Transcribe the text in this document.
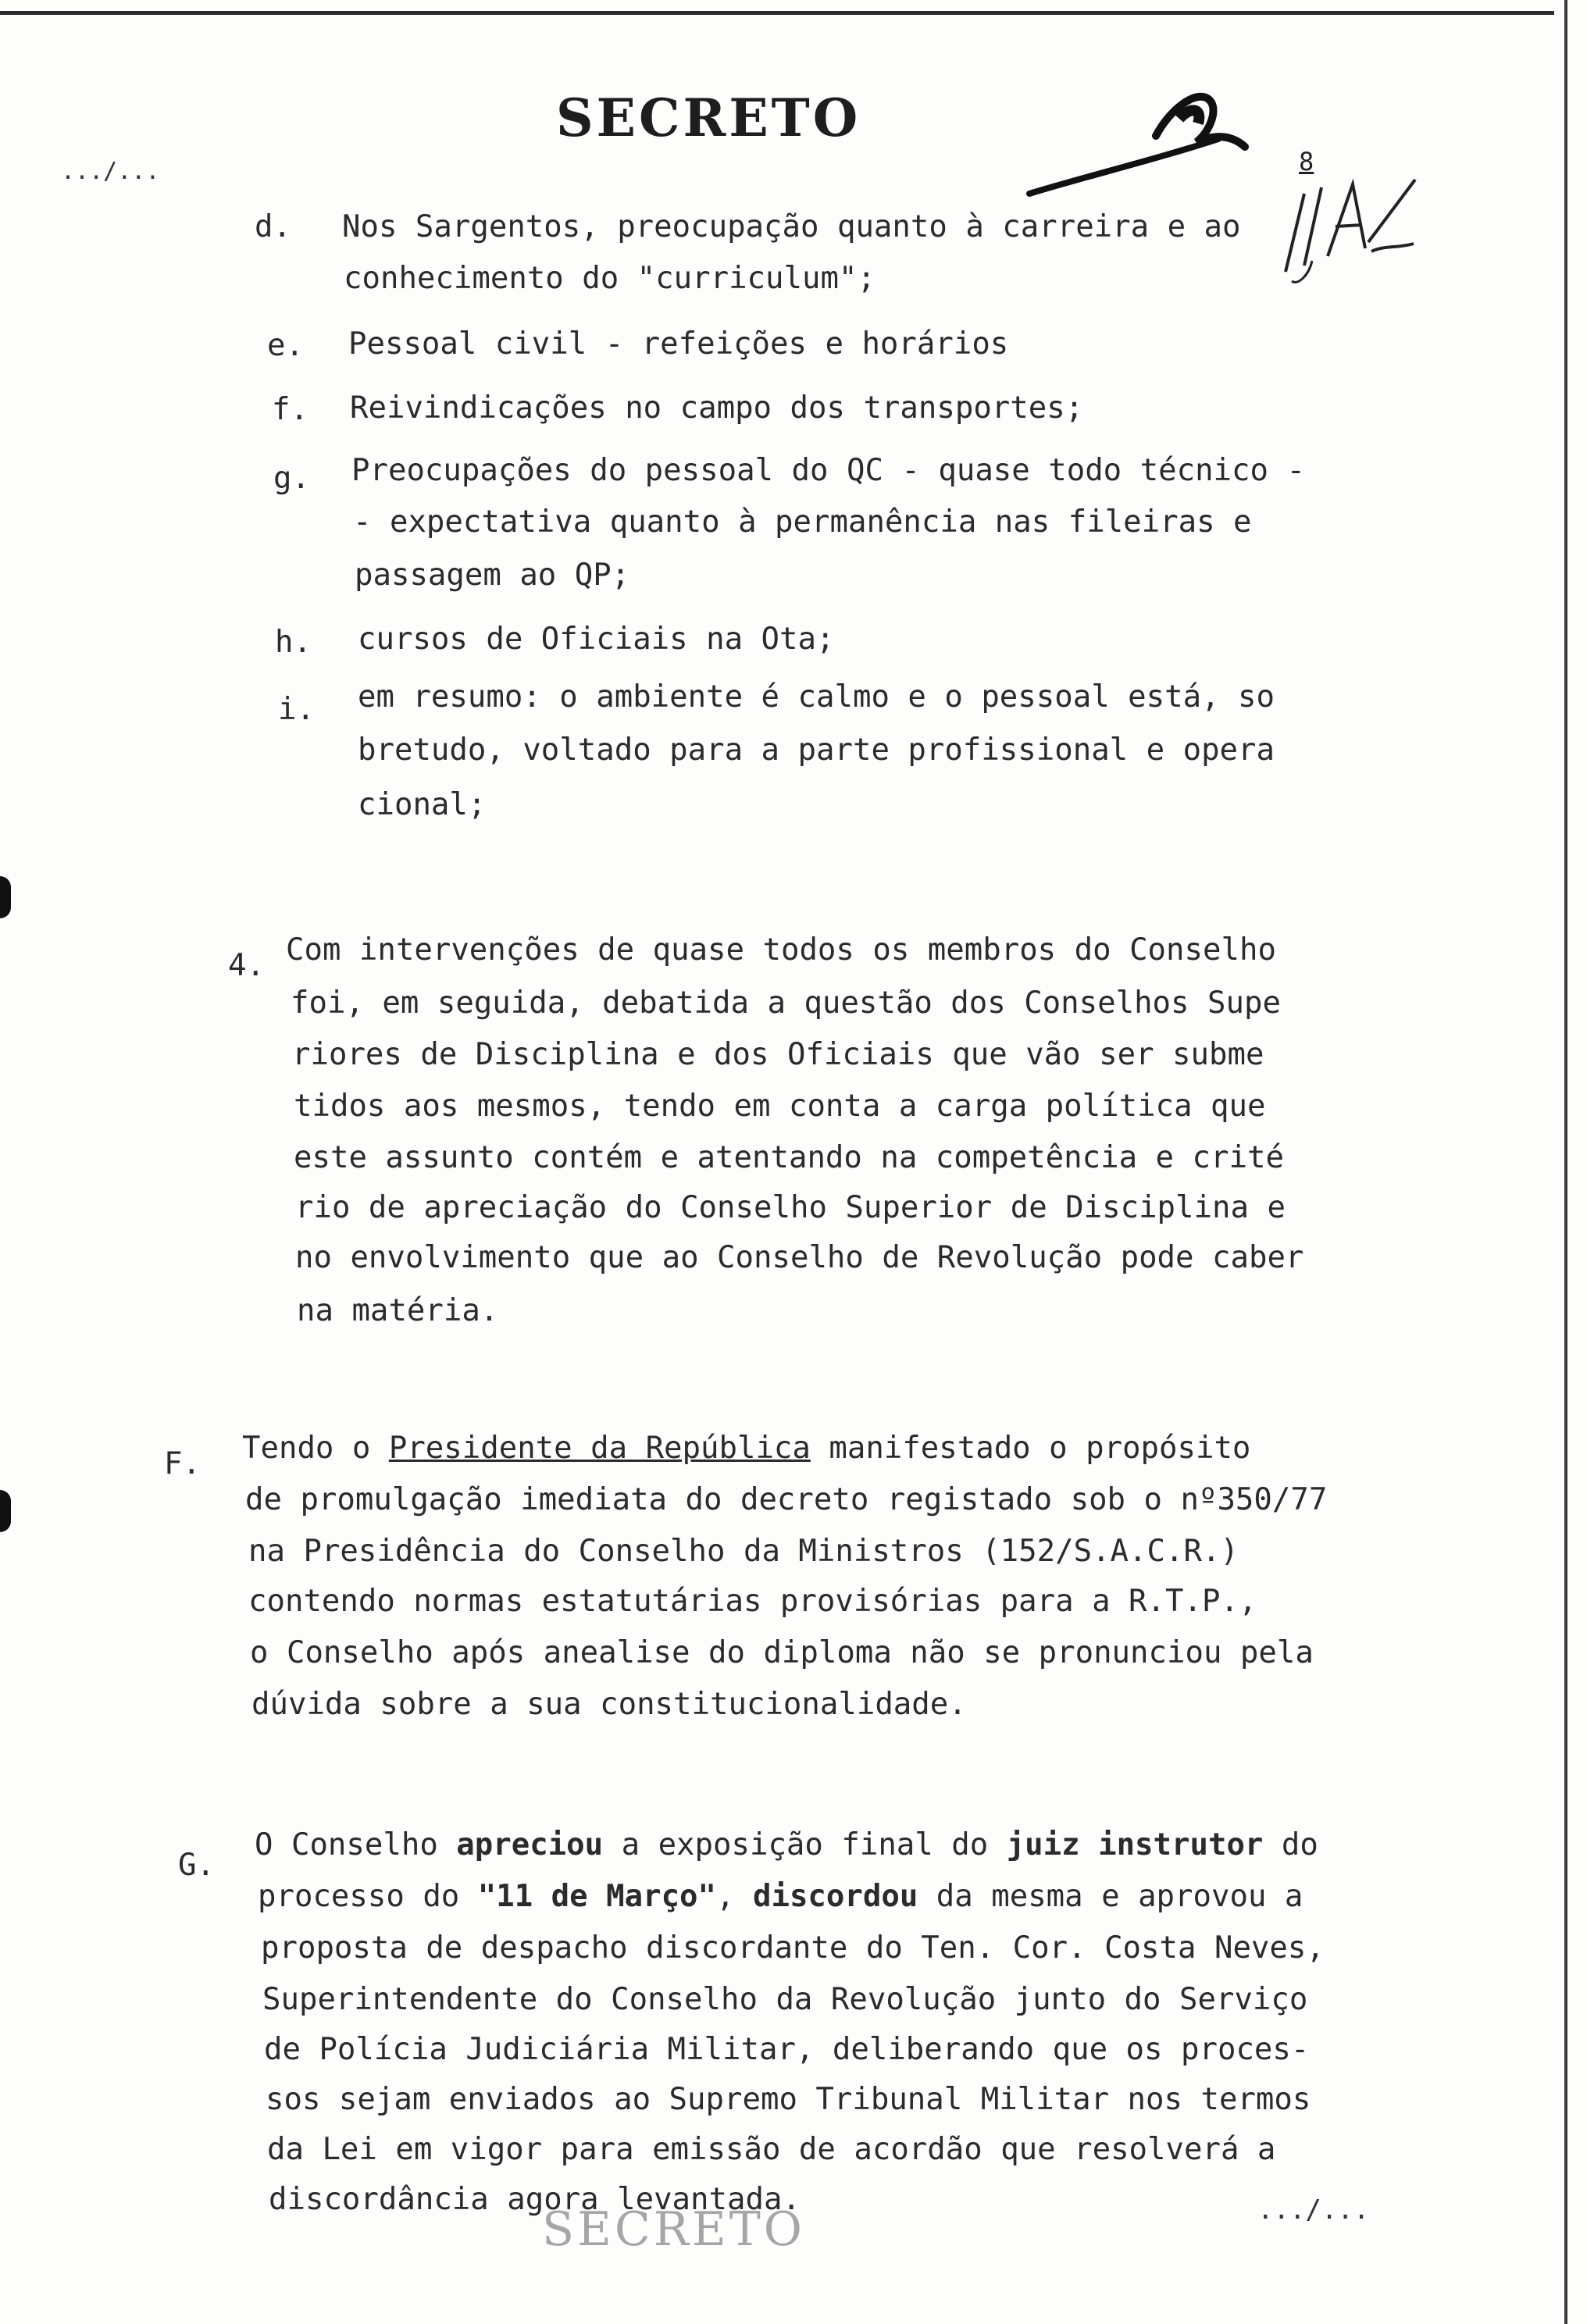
SECRETO
.../...	8
d. Nos Sargentos, preocupação quanto à carreira e ao
conhecimento do "curriculum";
e. Pessoal civil - refeições e horários
f. Reivindicações no campo dos transportes;
g. Preocupações do pessoal do QC - quase todo técnico -
- expectativa quanto à permanência nas fileiras e
passagem ao QP;
h. cursos de Oficiais na Ota;
i. em resumo: o ambiente é calmo e o pessoal está, so
bretudo, voltado para a parte profissional e opera
cional;
4. Com intervenções de quase todos os membros do Conselho
foi, em seguida, debatida a questão dos Conselhos Supe
riores de Disciplina e dos Oficiais que vão ser subme
tidos aos mesmos, tendo em conta a carga política que
este assunto contém e atentando na competência e crité
rio de apreciação do Conselho Superior de Disciplina e
no envolvimento que ao Conselho de Revolução pode caber
na matéria.
F. Tendo o Presidente da República manifestado o propósito
de promulgação imediata do decreto registado sob o nº350/77
na Presidência do Conselho da Ministros (152/S.A.C.R.)
contendo normas estatutárias provisórias para a R.T.P.,
o Conselho após anealise do diploma não se pronunciou pela
dúvida sobre a sua constitucionalidade.
G.
O Conselho apreciou a exposição final do juiz instrutor do
processo do "11 de Março", discordou da mesma e aprovou a
proposta de despacho discordante do Ten. Cor. Costa Neves,
Superintendente do Conselho da Revolução junto do Serviço
de Polícia Judiciária Militar, deliberando que os proces-
sos sejam enviados ao Supremo Tribunal Militar nos termos
da Lei em vigor para emissão de acordão que resolverá a
discordância agora levantada.	.../...
SECRETO
